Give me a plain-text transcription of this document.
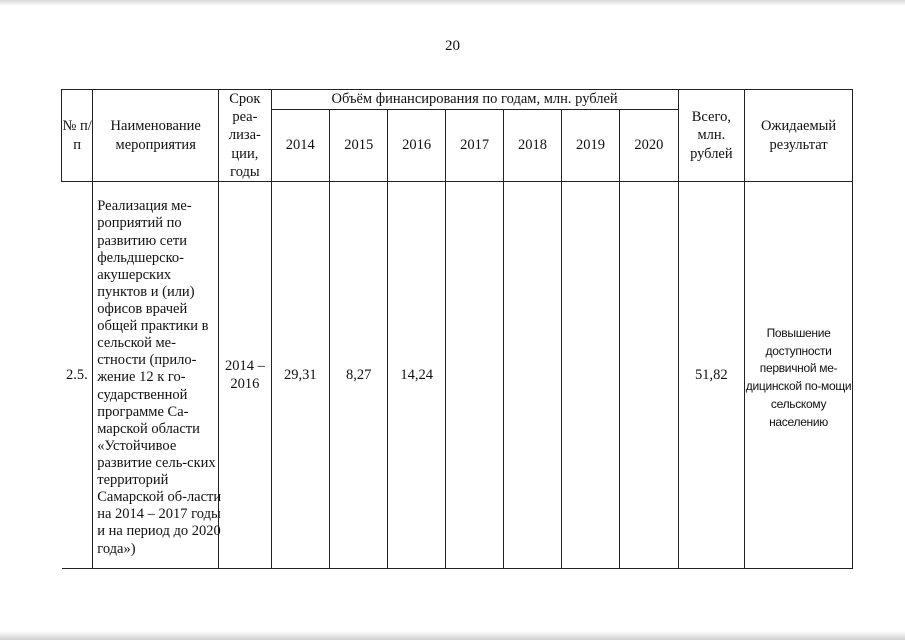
20
№ п/п	Наименование мероприятия	Срок реа-лиза-ции, годы	Объём финансирования по годам, млн. рублей							Всего, млн. рублей	Ожидаемый результат
			2014	2015	2016	2017	2018	2019	2020		
2.5.	Реализация ме-роприятий по развитию сети фельдшерско-акушерских пунктов и (или) офисов врачей общей практики в сельской ме-стности (прило-жение 12 к го-сударственной программе Са-марской области «Устойчивое развитие сель-ских территорий Самарской об-ласти на 2014 – 2017 годы и на период до 2020 года»)	2014 – 2016	29,31	8,27	14,24					51,82	Повышение доступности первичной ме-дицинской по-мощи сельскому населению
